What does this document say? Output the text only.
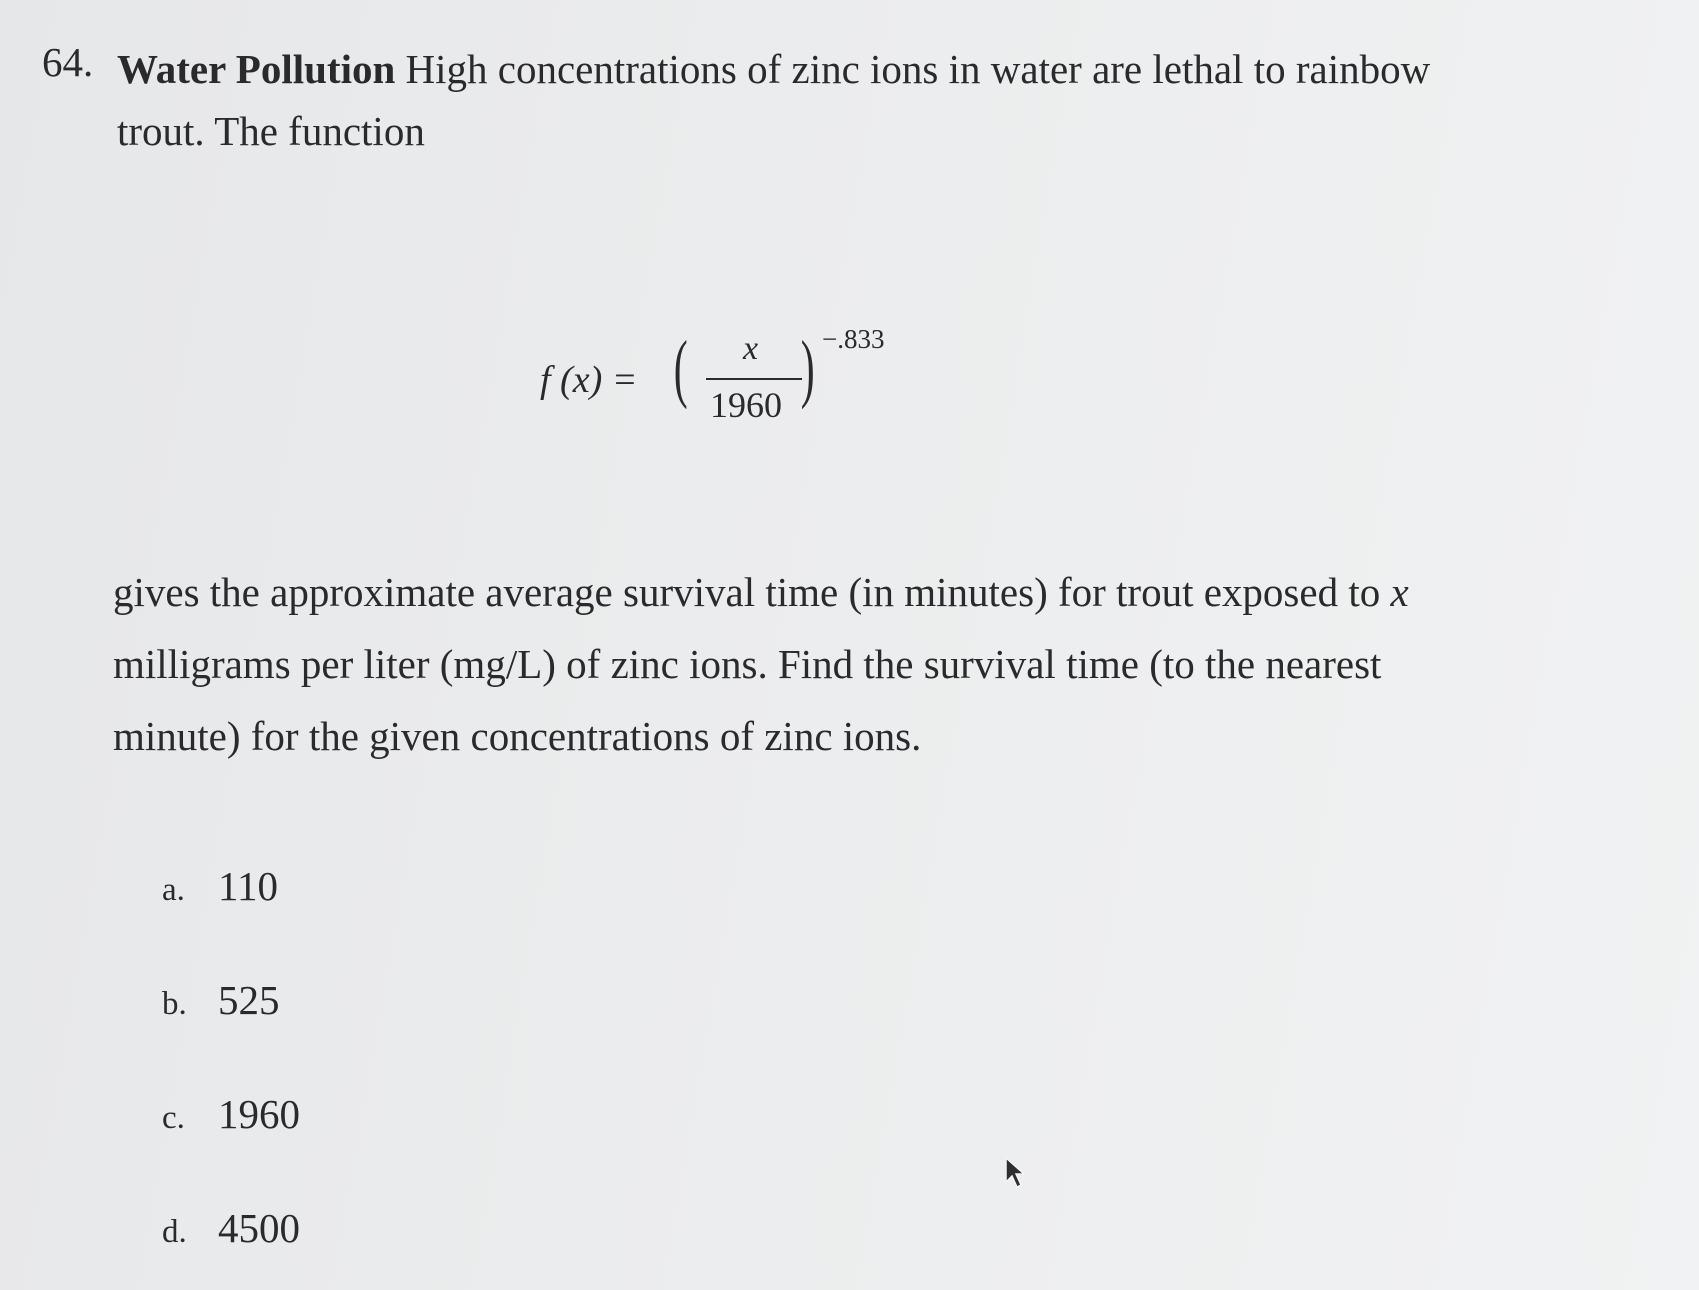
64. Water Pollution High concentrations of zinc ions in water are lethal to rainbow
trout. The function
f (x) = ( x
1960 ) −.833
gives the approximate average survival time (in minutes) for trout exposed to x
milligrams per liter (mg/L) of zinc ions. Find the survival time (to the nearest
minute) for the given concentrations of zinc ions.
a. 110
b. 525
c. 1960
d. 4500
